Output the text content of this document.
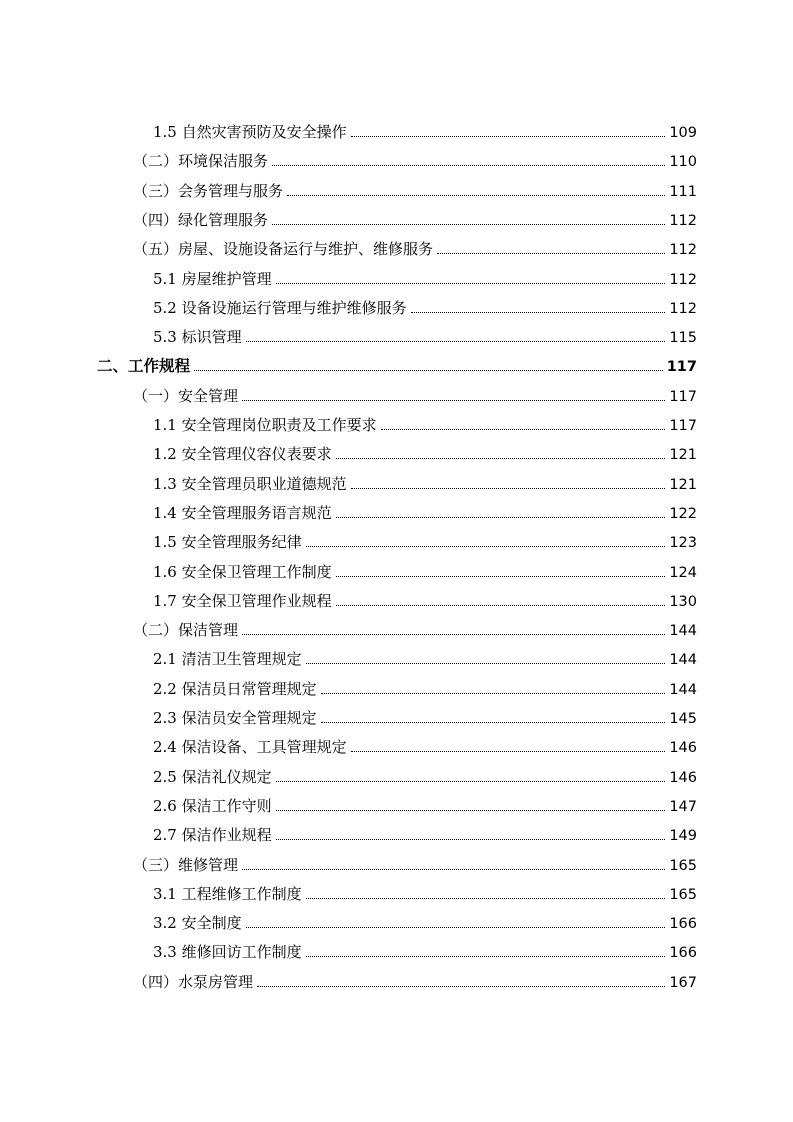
1.5 自然灾害预防及安全操作	109
（二）环境保洁服务	110
（三）会务管理与服务	111
（四）绿化管理服务	112
（五）房屋、设施设备运行与维护、维修服务	112
5.1 房屋维护管理	112
5.2 设备设施运行管理与维护维修服务	112
5.3 标识管理	115
二、工作规程	117
（一）安全管理	117
1.1 安全管理岗位职责及工作要求	117
1.2 安全管理仪容仪表要求	121
1.3 安全管理员职业道德规范	121
1.4 安全管理服务语言规范	122
1.5 安全管理服务纪律	123
1.6 安全保卫管理工作制度	124
1.7 安全保卫管理作业规程	130
（二）保洁管理	144
2.1 清洁卫生管理规定	144
2.2 保洁员日常管理规定	144
2.3 保洁员安全管理规定	145
2.4 保洁设备、工具管理规定	146
2.5 保洁礼仪规定	146
2.6 保洁工作守则	147
2.7 保洁作业规程	149
（三）维修管理	165
3.1 工程维修工作制度	165
3.2 安全制度	166
3.3 维修回访工作制度	166
（四）水泵房管理	167
